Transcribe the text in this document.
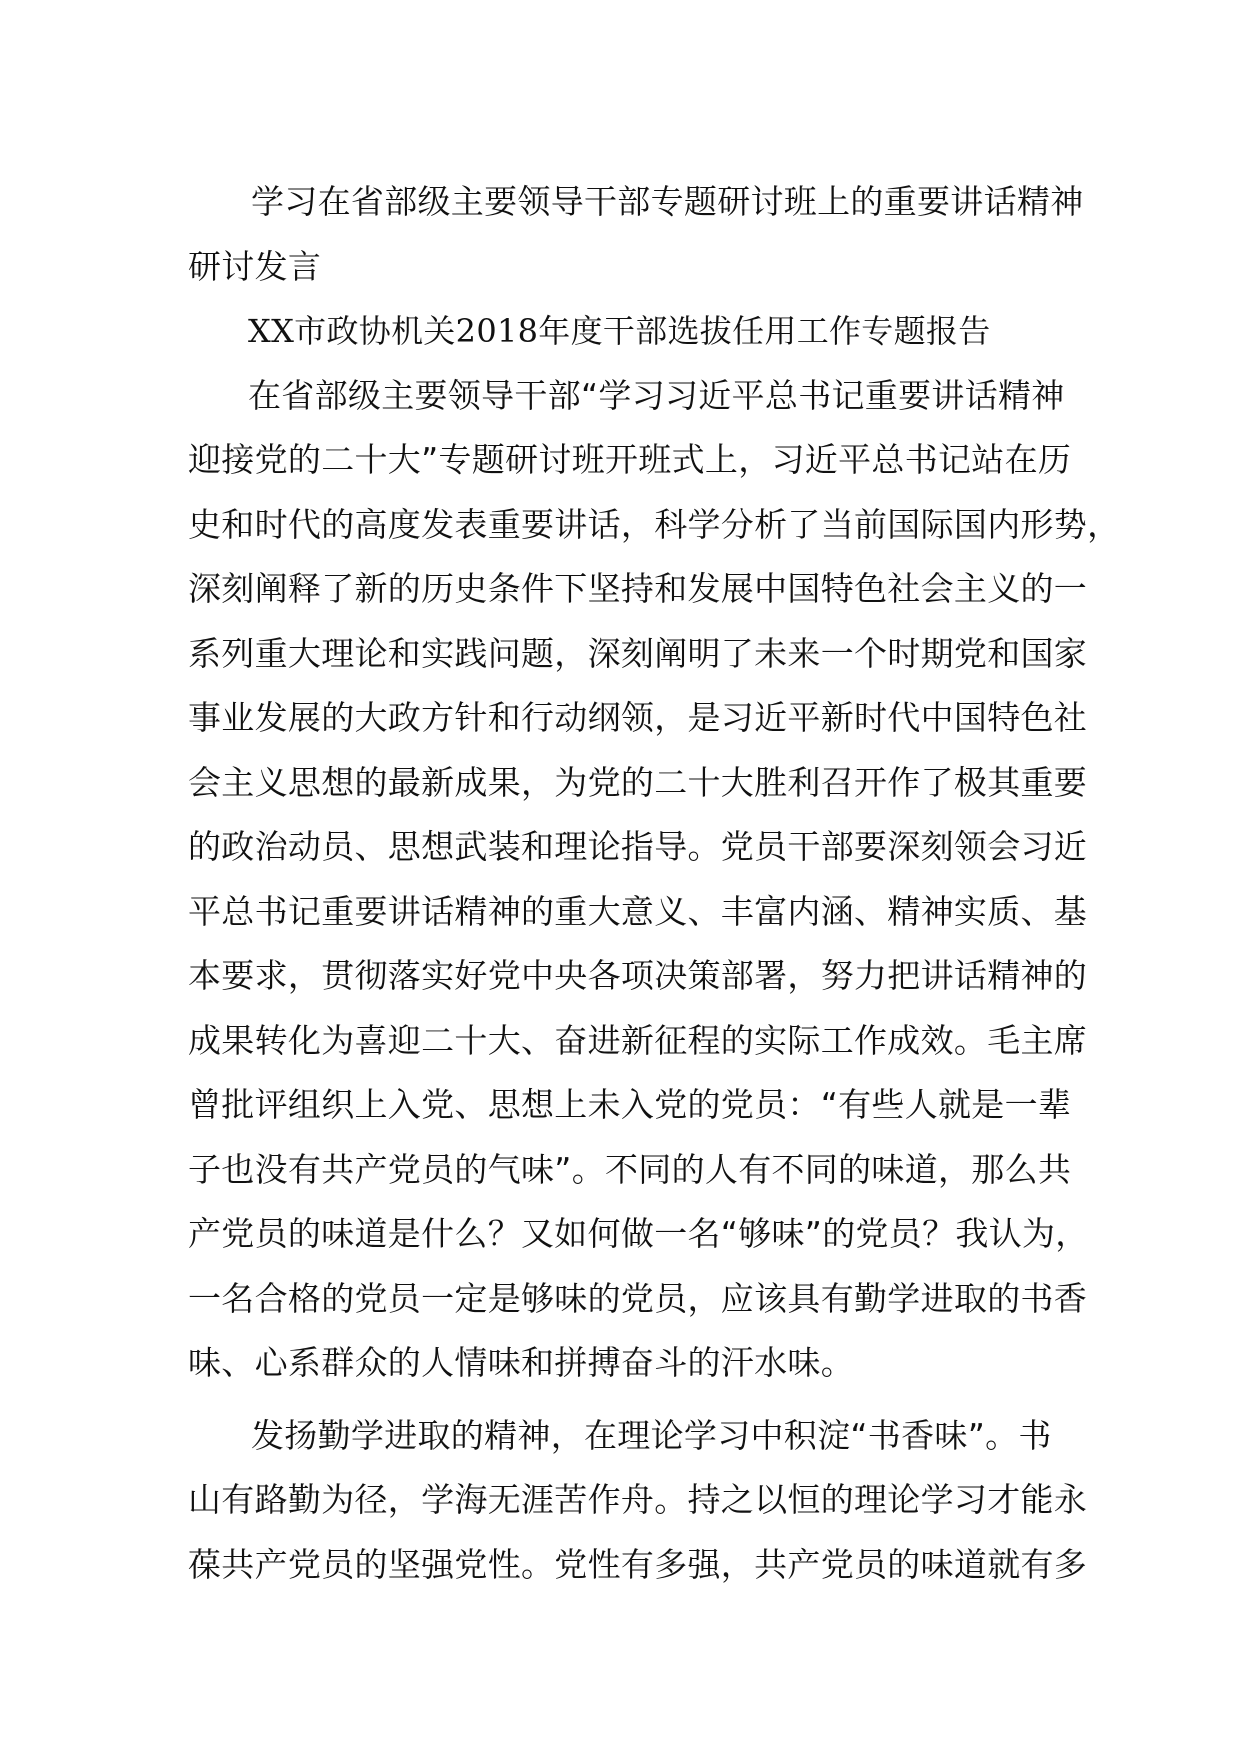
学习在省部级主要领导干部专题研讨班上的重要讲话精神
研讨发言
XX市政协机关2018年度干部选拔任用工作专题报告
在省部级主要领导干部“学习习近平总书记重要讲话精神
迎接党的二十大”专题研讨班开班式上，习近平总书记站在历
史和时代的高度发表重要讲话，科学分析了当前国际国内形势，
深刻阐释了新的历史条件下坚持和发展中国特色社会主义的一
系列重大理论和实践问题，深刻阐明了未来一个时期党和国家
事业发展的大政方针和行动纲领，是习近平新时代中国特色社
会主义思想的最新成果，为党的二十大胜利召开作了极其重要
的政治动员、思想武装和理论指导。党员干部要深刻领会习近
平总书记重要讲话精神的重大意义、丰富内涵、精神实质、基
本要求，贯彻落实好党中央各项决策部署，努力把讲话精神的
成果转化为喜迎二十大、奋进新征程的实际工作成效。毛主席
曾批评组织上入党、思想上未入党的党员：“有些人就是一辈
子也没有共产党员的气味”。不同的人有不同的味道，那么共
产党员的味道是什么？又如何做一名“够味”的党员？我认为，
一名合格的党员一定是够味的党员，应该具有勤学进取的书香
味、心系群众的人情味和拼搏奋斗的汗水味。
发扬勤学进取的精神，在理论学习中积淀“书香味”。书
山有路勤为径，学海无涯苦作舟。持之以恒的理论学习才能永
葆共产党员的坚强党性。党性有多强，共产党员的味道就有多
